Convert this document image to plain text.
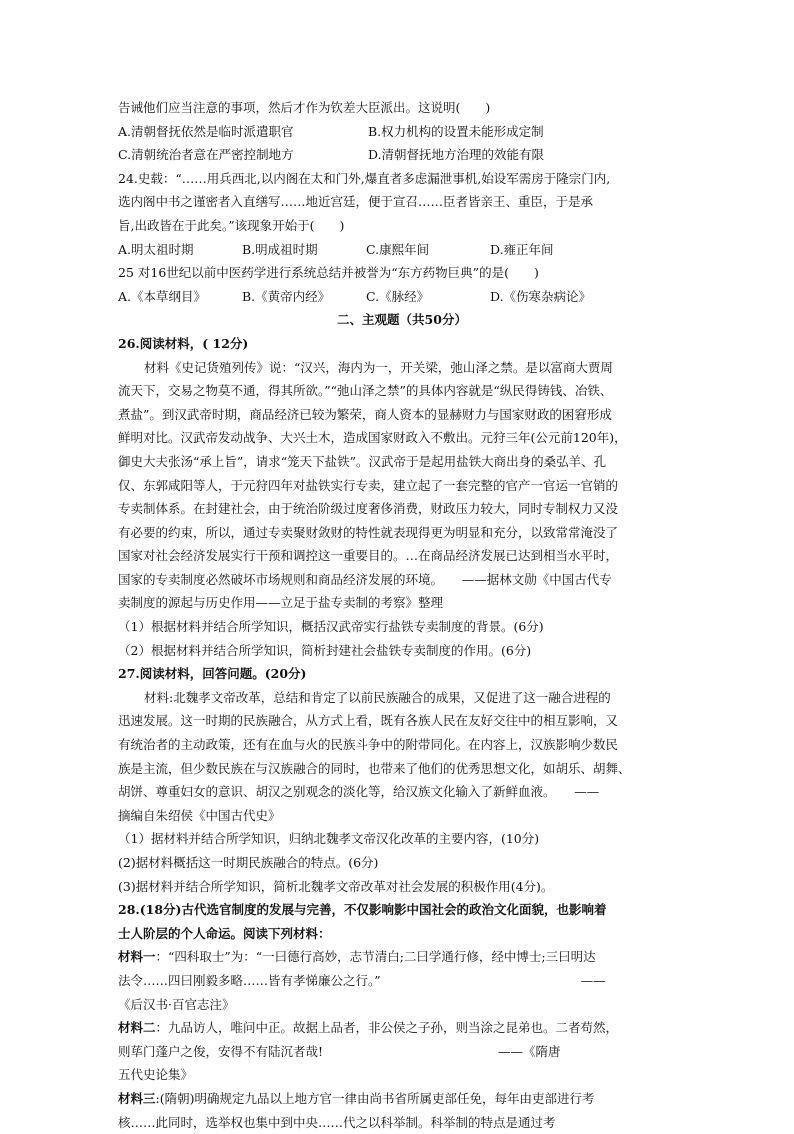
告诫他们应当注意的事项，然后才作为钦差大臣派出。这说明(　　)

A.清朝督抚依然是临时派遣职官	B.权力机构的设置未能形成定制
C.清朝统治者意在严密控制地方	D.清朝督抚地方治理的效能有限

24.史载：“……用兵西北,以内阁在太和门外,爆直者多虑漏泄事机,始设军需房于隆宗门内,

选内阁中书之谨密者入直缮写……地近宫廷，便于宣召……臣者皆亲王、重臣，于是承

旨,出政皆在于此矣。”该现象开始于(　　)

A.明太祖时期	B.明成祖时期	C.康熙年间	D.雍正年间

25 对16世纪以前中医药学进行系统总结并被誉为“东方药物巨典”的是(　　)

A.《本草纲目》	B.《黄帝内经》	C.《脉经》	D.《伤寒杂病论》

二、主观题（共50分）

26.阅读材料，( 12分)

材料《史记货殖列传》说：“汉兴，海内为一，开关梁，弛山泽之禁。是以富商大贾周

流天下，交易之物莫不通，得其所欲。”“弛山泽之禁”的具体内容就是“纵民得铸钱、冶铁、

煮盐”。到汉武帝时期，商品经济已较为繁荣，商人资本的显赫财力与国家财政的困窘形成

鲜明对比。汉武帝发动战争、大兴土木，造成国家财政入不敷出。元狩三年(公元前120年)，

御史大夫张汤“承上旨”，请求“笼天下盐铁”。汉武帝于是起用盐铁大商出身的桑弘羊、孔

仅、东郭咸阳等人，于元狩四年对盐铁实行专卖，建立起了一套完整的官产一官运一官销的

专卖制体系。在封建社会，由于统治阶级过度奢侈消费，财政压力较大，同时专制权力又没

有必要的约束，所以，通过专卖聚财敛财的特性就表现得更为明显和充分，以致常常淹没了

国家对社会经济发展实行干预和调控这一重要目的。…在商品经济发展已达到相当水平时，

国家的专卖制度必然破坏市场规则和商品经济发展的环境。　　——据林文勋《中国古代专

卖制度的源起与历史作用——立足于盐专卖制的考察》整理

（1）根据材料并结合所学知识，概括汉武帝实行盐铁专卖制度的背景。(6分)

（2）根据材料并结合所学知识，简析封建社会盐铁专卖制度的作用。(6分)

27.阅读材料，回答问题。(20分)

材料:北魏孝文帝改革，总结和肯定了以前民族融合的成果，又促进了这一融合进程的

迅速发展。这一时期的民族融合，从方式上看，既有各族人民在友好交往中的相互影响，又

有统治者的主动政策，还有在血与火的民族斗争中的附带同化。在内容上，汉族影响少数民

族是主流，但少数民族在与汉族融合的同时，也带来了他们的优秀思想文化，如胡乐、胡舞、

胡饼、尊重妇女的意识、胡汉之别观念的淡化等，给汉族文化输入了新鲜血液。　　——

摘编自朱绍侯《中国古代史》

（1）据材料并结合所学知识，归纳北魏孝文帝汉化改革的主要内容，(10分)

(2)据材料概括这一时期民族融合的特点。(6分)

(3)据材料并结合所学知识，简析北魏孝文帝改革对社会发展的积极作用(4分)。

28.(18分)古代选官制度的发展与完善，不仅影响影中国社会的政治文化面貌，也影响着

士人阶层的个人命运。阅读下列材料：

材料一：“四科取士”为：“一曰德行高妙，志节清白;二曰学通行修，经中博士;三曰明达

法令……四曰刚毅多略……皆有孝悌廉公之行。”　　　　　　　　　　　　　　　　——

《后汉书·百官志注》

材料二：九品访人，唯问中正。故据上品者，非公侯之子孙，则当涂之昆弟也。二者苟然，

则荜门蓬户之俊，安得不有陆沉者哉!　　　　　　　　　　　　　　——《隋唐

五代史论集》

材料三:(隋朝)明确规定九品以上地方官一律由尚书省所属吏部任免，每年由吏部进行考

核……此同时，选举权也集中到中央……代之以科举制。科举制的特点是通过考
